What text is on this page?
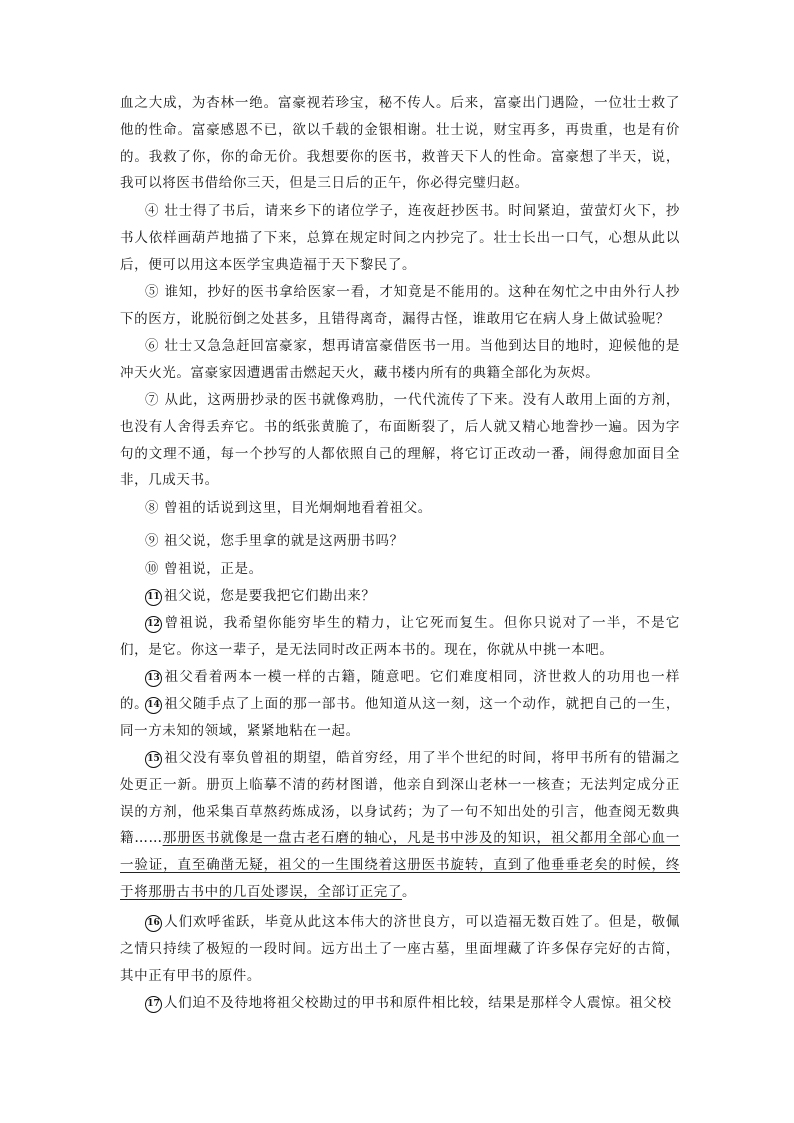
血之大成，为杏林一绝。富豪视若珍宝，秘不传人。后来，富豪出门遇险，一位壮士救了他的性命。富豪感恩不已，欲以千载的金银相谢。壮士说，财宝再多，再贵重，也是有价的。我救了你，你的命无价。我想要你的医书，救普天下人的性命。富豪想了半天，说，我可以将医书借给你三天，但是三日后的正午，你必得完璧归赵。
④ 壮士得了书后，请来乡下的诸位学子，连夜赶抄医书。时间紧迫，萤萤灯火下，抄书人依样画葫芦地描了下来，总算在规定时间之内抄完了。壮士长出一口气，心想从此以后，便可以用这本医学宝典造福于天下黎民了。
⑤ 谁知，抄好的医书拿给医家一看，才知竟是不能用的。这种在匆忙之中由外行人抄下的医方，讹脱衍倒之处甚多，且错得离奇，漏得古怪，谁敢用它在病人身上做试验呢？
⑥ 壮士又急急赶回富豪家，想再请富豪借医书一用。当他到达目的地时，迎候他的是冲天火光。富豪家因遭遇雷击燃起天火，藏书楼内所有的典籍全部化为灰烬。
⑦ 从此，这两册抄录的医书就像鸡肋，一代代流传了下来。没有人敢用上面的方剂，也没有人舍得丢弃它。书的纸张黄脆了，布面断裂了，后人就又精心地誊抄一遍。因为字句的文理不通，每一个抄写的人都依照自己的理解，将它订正改动一番，闹得愈加面目全非，几成天书。
⑧ 曾祖的话说到这里，目光炯炯地看着祖父。
⑨ 祖父说，您手里拿的就是这两册书吗？
⑩ 曾祖说，正是。
11 祖父说，您是要我把它们勘出来？
12 曾祖说，我希望你能穷毕生的精力，让它死而复生。但你只说对了一半，不是它们，是它。你这一辈子，是无法同时改正两本书的。现在，你就从中挑一本吧。
13 祖父看着两本一模一样的古籍，随意吧。它们难度相同，济世救人的功用也一样的。 14 祖父随手点了上面的那一部书。他知道从这一刻，这一个动作，就把自己的一生，同一方未知的领域，紧紧地粘在一起。
15 祖父没有辜负曾祖的期望，皓首穷经，用了半个世纪的时间，将甲书所有的错漏之处更正一新。册页上临摹不清的药材图谱，他亲自到深山老林一一核查；无法判定成分正误的方剂，他采集百草熬药炼成汤，以身试药；为了一句不知出处的引言，他查阅无数典籍……那册医书就像是一盘古老石磨的轴心，凡是书中涉及的知识，祖父都用全部心血一一验证，直至确凿无疑，祖父的一生围绕着这册医书旋转，直到了他垂垂老矣的时候，终于将那册古书中的几百处谬误，全部订正完了。
16 人们欢呼雀跃，毕竟从此这本伟大的济世良方，可以造福无数百姓了。但是，敬佩之情只持续了极短的一段时间。远方出土了一座古墓，里面埋藏了许多保存完好的古简，其中正有甲书的原件。
17 人们迫不及待地将祖父校勘过的甲书和原件相比较，结果是那样令人震惊。祖父校
